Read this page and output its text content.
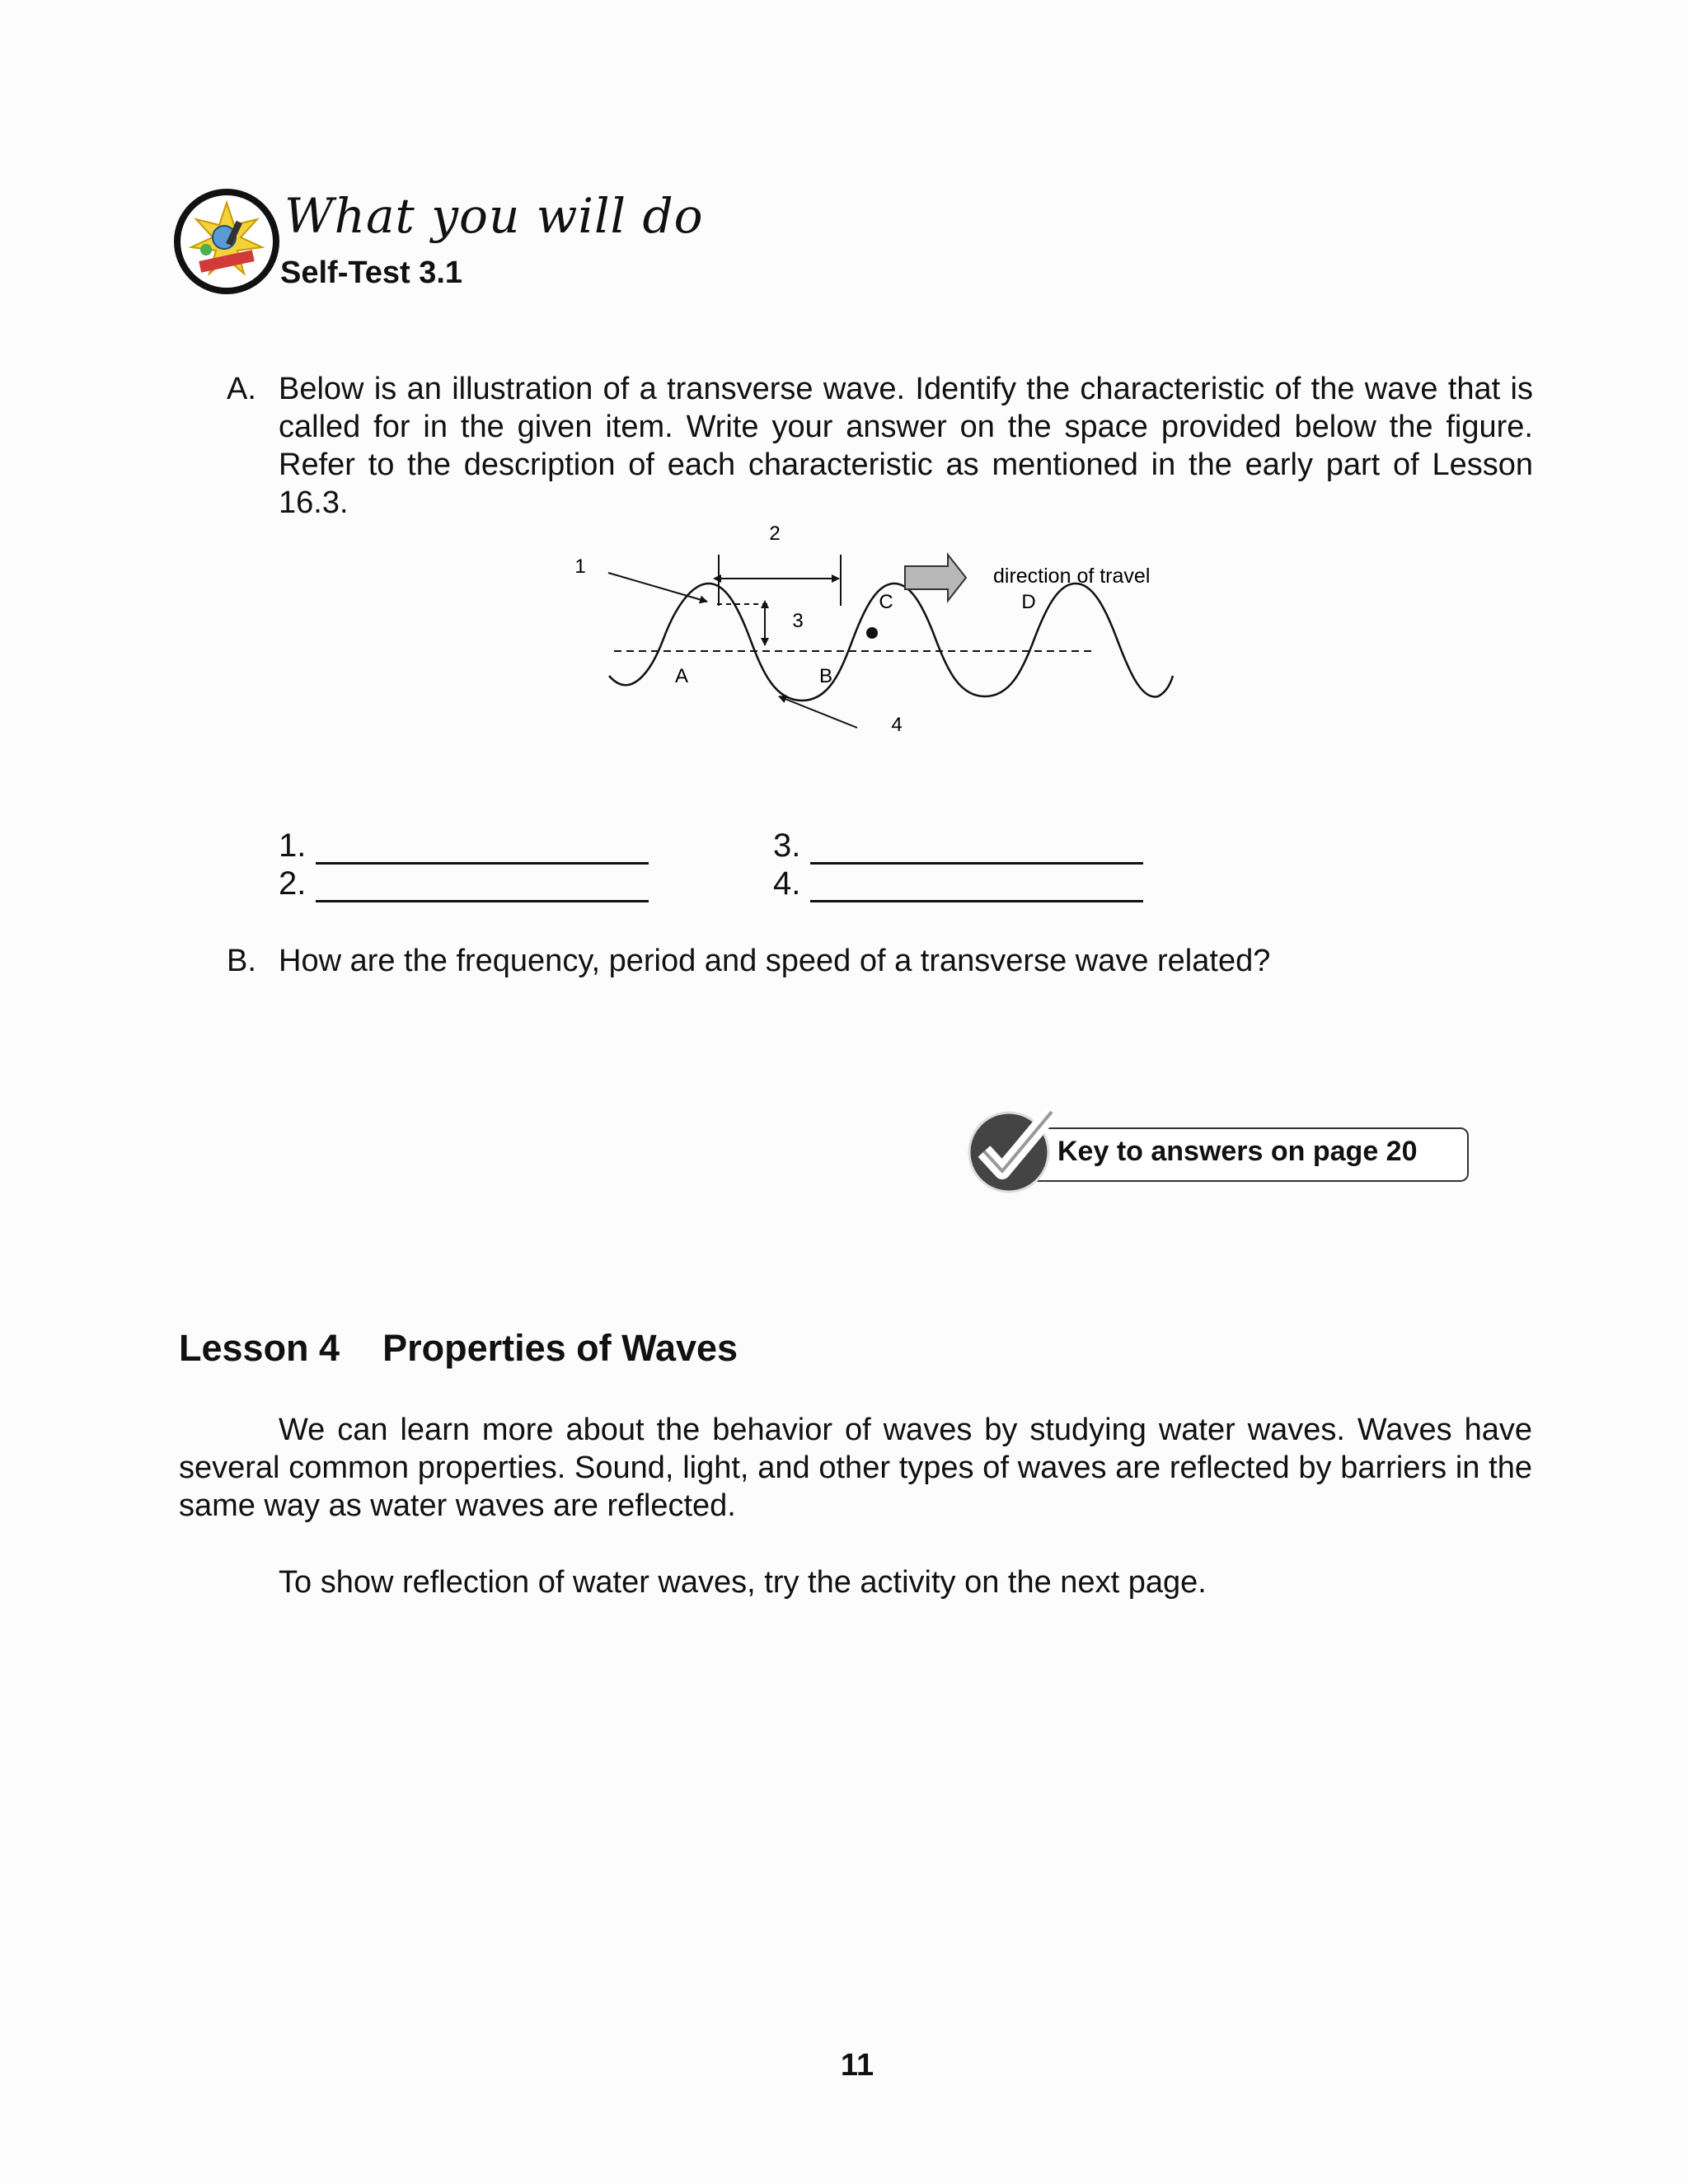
What you will do
Self-Test 3.1
A. Below is an illustration of a transverse wave. Identify the characteristic of the wave that is called for in the given item. Write your answer on the space provided below the figure. Refer to the description of each characteristic as mentioned in the early part of Lesson 16.3.
2
3
1
4
A	B
C	D
direction of travel
1.
2.
3.
4.
B. How are the frequency, period and speed of a transverse wave related?
Key to answers on page 20
Lesson 4 Properties of Waves
We can learn more about the behavior of waves by studying water waves. Waves have several common properties. Sound, light, and other types of waves are reflected by barriers in the same way as water waves are reflected.
To show reflection of water waves, try the activity on the next page.
11
